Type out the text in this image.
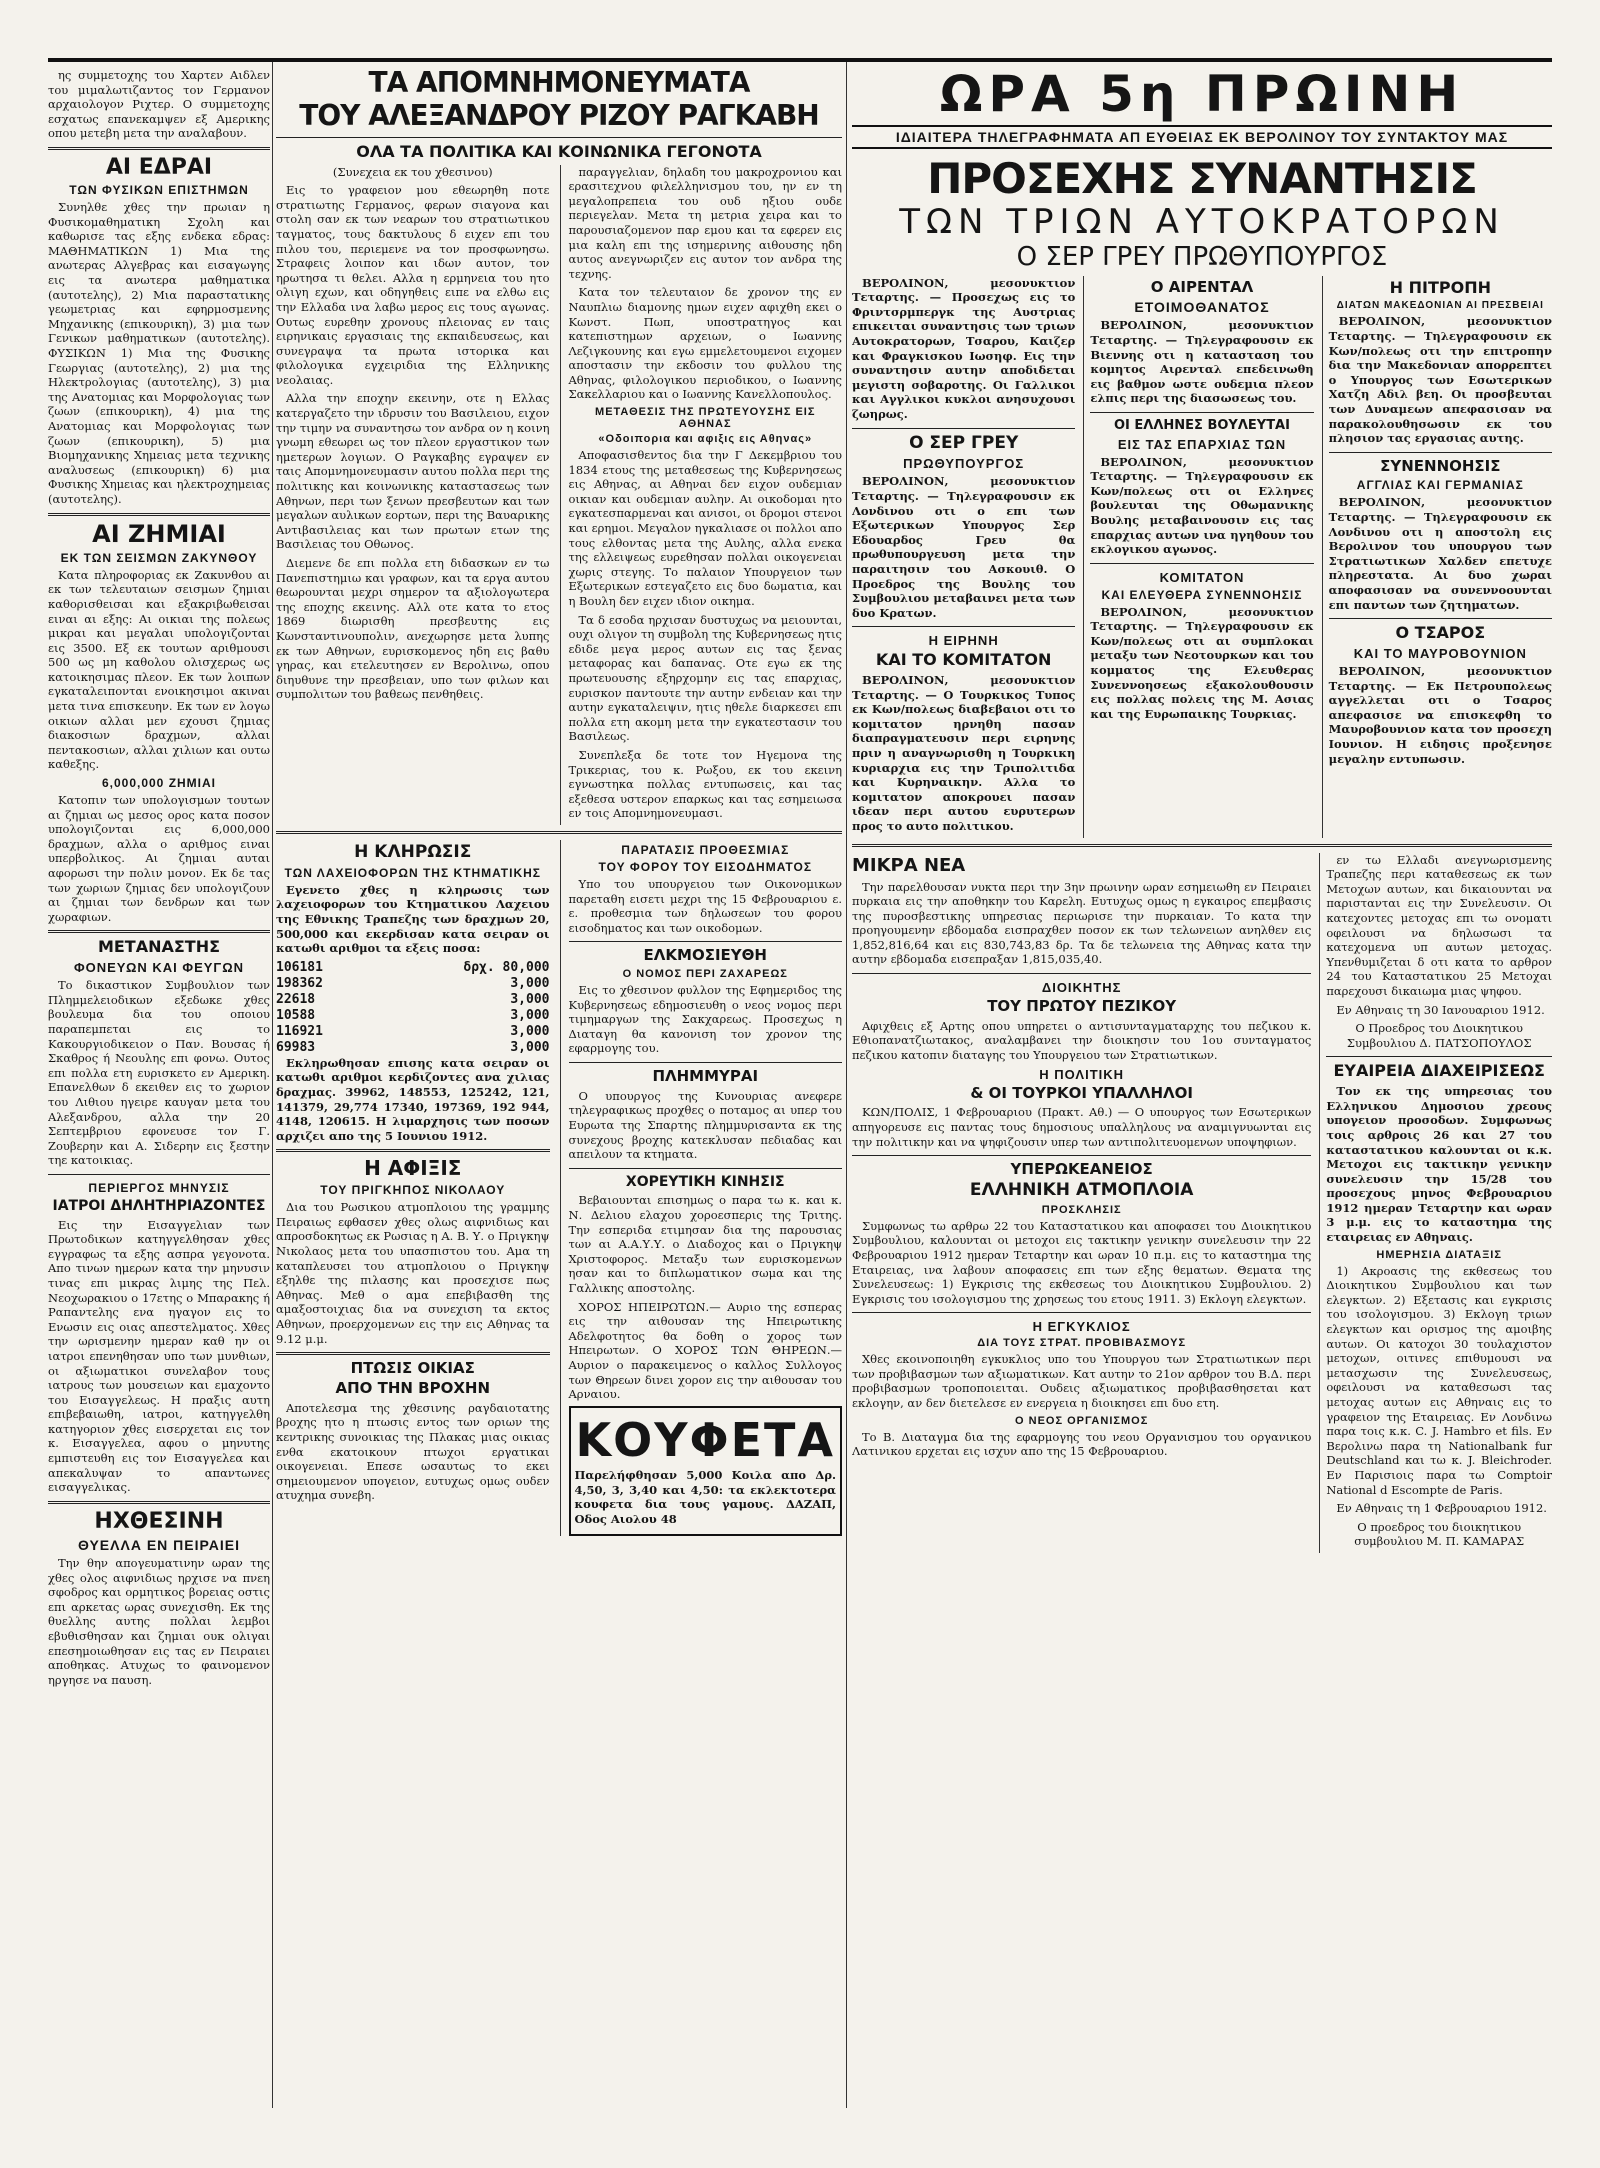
ης συμμετοχης του Χαρτεν Αιδλεν του μιμαλωτιζαντος τον Γερμανον αρχαιολογον Ριχτερ. Ο συμμετοχης εσχατως επανεκαμψεν εξ Αμερικης οπου μετεβη μετα την αναλαβουν.

ΑΙ ΕΔΡΑΙ
ΤΩΝ ΦΥΣΙΚΩΝ ΕΠΙΣΤΗΜΩΝ

Συνηλθε χθες την πρωιαν η Φυσικομαθηματικη Σχολη και καθωρισε τας εξης ενδεκα εδρας: ΜΑΘΗΜΑΤΙΚΩΝ 1) Μια της ανωτερας Αλγεβρας και εισαγωγης εις τα ανωτερα μαθηματικα (αυτοτελης), 2) Μια παραστατικης γεωμετριας και εφηρμοσμενης Μηχανικης (επικουρικη), 3) μια των Γενικων μαθηματικων (αυτοτελης). ΦΥΣΙΚΩΝ 1) Μια της Φυσικης Γεωργιας (αυτοτελης), 2) μια της Ηλεκτρολογιας (αυτοτελης), 3) μια της Ανατομιας και Μορφολογιας των ζωων (επικουρικη), 4) μια της Ανατομιας και Μορφολογιας των ζωων (επικουρικη), 5) μια Βιομηχανικης Χημειας μετα τεχνικης αναλυσεως (επικουρικη) 6) μια Φυσικης Χημειας και ηλεκτροχημειας (αυτοτελης).

ΑΙ ΖΗΜΙΑΙ
ΕΚ ΤΩΝ ΣΕΙΣΜΩΝ ΖΑΚΥΝΘΟΥ

Κατα πληροφοριας εκ Ζακυνθου αι εκ των τελευταιων σεισμων ζημιαι καθορισθεισαι και εξακριβωθεισαι ειναι αι εξης: Αι οικιαι της πολεως μικραι και μεγαλαι υπολογιζονται εις 3500. Εξ εκ τουτων αριθμουσι 500 ως μη καθολου ολισχερως ως κατοικησιμας πλεον. Εκ των λοιπων εγκαταλειπονται ενοικησιμοι ακιναι μετα τινα επισκευην. Εκ των εν λογω οικιων αλλαι μεν εχουσι ζημιας διακοσιων δραχμων, αλλαι πεντακοσιων, αλλαι χιλιων και ουτω καθεξης.

6,000,000 ΖΗΜΙΑΙ

Κατοπιν των υπολογισμων τουτων αι ζημιαι ως μεσος ορος κατα ποσον υπολογιζονται εις 6,000,000 δραχμων, αλλα ο αριθμος ειναι υπερβολικος. Αι ζημιαι αυται αφορωσι την πολιν μονον. Εκ δε τας των χωριων ζημιας δεν υπολογιζουν αι ζημιαι των δενδρων και των χωραφιων.

ΜΕΤΑΝΑΣΤΗΣ
ΦΟΝΕΥΩΝ ΚΑΙ ΦΕΥΓΩΝ

Το δικαστικον Συμβουλιον των Πλημμελειοδικων εξεδωκε χθες βουλευμα δια του οποιου παραπεμπεται εις το Κακουργιοδικειον ο Παν. Βουσας ή Σκαθρος ή Νεουλης επι φονω. Ουτος επι πολλα ετη ευρισκετο εν Αμερικη. Επανελθων δ εκειθεν εις το χωριον του Λιθιου ηγειρε καυγαν μετα του Αλεξανδρου, αλλα την 20 Σεπτεμβριου εφονευσε τον Γ. Ζουβερην και Α. Σιδερην εις ξεστην τηε κατοικιας.

ΠΕΡΙΕΡΓΟΣ ΜΗΝΥΣΙΣ
ΙΑΤΡΟΙ ΔΗΛΗΤΗΡΙΑΖΟΝΤΕΣ

Εις την Εισαγγελιαν των Πρωτοδικων κατηγγελθησαν χθες εγγραφως τα εξης ασπρα γεγονοτα. Απο τινων ημερων κατα την μηνυσιν τινας επι μικρας λιμης της Πελ. Νεοχωρακιου ο 17ετης ο Μπαρακης ή Ραπαντελης ενα ηγαγον εις το Ενωσιν εις οιας απεστελματος. Χθες την ωρισμενην ημεραν καθ ην οι ιατροι επενηθησαν υπο των μυνθιων, οι αξιωματικοι συνελαβον τους ιατρους των μουσειων και εμαχοντο του Εισαγγελεως. Η πραξις αυτη επιβεβαιωθη, ιατροι, κατηγγελθη κατηγοριον χθες εισερχεται εις τον κ. Εισαγγελεα, αφου ο μηνυτης εμπιστευθη εις τον Εισαγγελεα και απεκαλυψαν το απαντωνες εισαγγελικας.

ΗΧΘΕΣΙΝΗ
ΘΥΕΛΛΑ ΕΝ ΠΕΙΡΑΙΕΙ

Την θην απογευματινην ωραν της χθες ολος αιφνιδιως ηρχισε να πνεη σφοδρος και ορμητικος βορειας οστις επι αρκετας ωρας συνεχισθη. Εκ της θυελλης αυτης πολλαι λεμβοι εβυθισθησαν και ζημιαι ουκ ολιγαι επεσημοιωθησαν εις τας εν Πειραιει αποθηκας. Ατυχως το φαινομενον ηργησε να παυση.

ΤΑ ΑΠΟΜΝΗΜΟΝΕΥΜΑΤΑ
ΤΟΥ ΑΛΕΞΑΝΔΡΟΥ ΡΙΖΟΥ ΡΑΓΚΑΒΗ
ΟΛΑ ΤΑ ΠΟΛΙΤΙΚΑ ΚΑΙ ΚΟΙΝΩΝΙΚΑ ΓΕΓΟΝΟΤΑ

(Συνεχεια εκ του χθεσινου)

Εις το γραφειον μου εθεωρηθη ποτε στρατιωτης Γερμανος, φερων σιαγονα και στολη σαν εκ των νεαρων του στρατιωτικου ταγματος, τους δακτυλους δ ειχεν επι του πιλου του, περιεμενε να τον προσφωνησω. Στραφεις λοιπον και ιδων αυτον, τον ηρωτησα τι θελει. Αλλα η ερμηνεια του ητο ολιγη εχων, και οδηγηθεις ειπε να ελθω εις την Ελλαδα ινα λαβω μερος εις τους αγωνας. Ουτως ευρεθην χρονους πλειονας εν ταις ειρηνικαις εργασιαις της εκπαιδευσεως, και συνεγραψα τα πρωτα ιστορικα και φιλολογικα εγχειριδια της Ελληνικης νεολαιας.

Αλλα την εποχην εκεινην, οτε η Ελλας κατεργαζετο την ιδρυσιν του Βασιλειου, ειχον την τιμην να συναντησω τον ανδρα ον η κοινη γνωμη εθεωρει ως τον πλεον εργαστικον των ημετερων λογιων. Ο Ραγκαβης εγραψεν εν ταις Απομνημονευμασιν αυτου πολλα περι της πολιτικης και κοινωνικης καταστασεως των Αθηνων, περι των ξενων πρεσβευτων και των μεγαλων αυλικων εορτων, περι της Βαυαρικης Αντιβασιλειας και των πρωτων ετων της Βασιλειας του Οθωνος.

Διεμενε δε επι πολλα ετη διδασκων εν τω Πανεπιστημιω και γραφων, και τα εργα αυτου θεωρουνται μεχρι σημερον τα αξιολογωτερα της εποχης εκεινης. Αλλ οτε κατα το ετος 1869 διωρισθη πρεσβευτης εις Κωνσταντινουπολιν, ανεχωρησε μετα λυπης εκ των Αθηνων, ευρισκομενος ηδη εις βαθυ γηρας, και ετελευτησεν εν Βερολινω, οπου διηυθυνε την πρεσβειαν, υπο των φιλων και συμπολιτων του βαθεως πενθηθεις.

παραγγελιαν, δηλαδη του μακροχρονιου και ερασιτεχνου φιλελληνισμου του, ην εν τη μεγαλοπρεπεια του ουδ ηξιου ουδε περιεγελαν. Μετα τη μετρια χειρα και το παρουσιαζομενον παρ εμου και τα εφερεν εις μια καλη επι της ισημερινης αιθουσης ηδη αυτος ανεγνωριζεν εις αυτον τον ανδρα της τεχνης.

Κατα τον τελευταιον δε χρονον της εν Ναυπλιω διαμονης ημων ειχεν αφιχθη εκει ο Κωνστ. Πωπ, υποστρατηγος και κατεπιστημων αρχειων, ο Ιωαννης Λεζιγκουνης και εγω εμμελετουμενοι ειχομεν αποστασιν την εκδοσιν του φυλλου της Αθηνας, φιλολογικου περιοδικου, ο Ιωαννης Σακελλαριου και ο Ιωαννης Κανελλοπουλος.

ΜΕΤΑΘΕΣΙΣ ΤΗΣ ΠΡΩΤΕΥΟΥΣΗΣ ΕΙΣ ΑΘΗΝΑΣ
«Οδοιπορια και αφιξις εις Αθηνας»

Αποφασισθεντος δια την Γ Δεκεμβριου του 1834 ετους της μεταθεσεως της Κυβερνησεως εις Αθηνας, αι Αθηναι δεν ειχον ουδεμιαν οικιαν και ουδεμιαν αυλην. Αι οικοδομαι ητο εγκατεσπαρμεναι και ανισοι, οι δρομοι στενοι και ερημοι. Μεγαλον ηγκαλιασε οι πολλοι απο τους ελθοντας μετα της Αυλης, αλλα ενεκα της ελλειψεως ευρεθησαν πολλαι οικογενειαι χωρις στεγης. Το παλαιον Υπουργειον των Εξωτερικων εστεγαζετο εις δυο δωματια, και η Βουλη δεν ειχεν ιδιον οικημα.

Τα δ εσοδα ηρχισαν δυστυχως να μειουνται, ουχι ολιγον τη συμβολη της Κυβερνησεως ητις εδιδε μεγα μερος αυτων εις τας ξενας μεταφορας και δαπανας. Οτε εγω εκ της πρωτευουσης εξηρχομην εις τας επαρχιας, ευρισκον παντουτε την αυτην ενδειαν και την αυτην εγκαταλειψιν, ητις ηθελε διαρκεσει επι πολλα ετη ακομη μετα την εγκατεστασιν του Βασιλεως.

Συνεπλεξα δε τοτε τον Ηγεμονα της Τρικεριας, του κ. Ρωξου, εκ του εκεινη εγνωστηκα πολλας εντυπωσεις, και τας εξεθεσα υστερον επαρκως και τας εσημειωσα εν τοις Απομνημονευμασι.

Η ΚΛΗΡΩΣΙΣ
ΤΩΝ ΛΑΧΕΙΟΦΟΡΩΝ ΤΗΣ ΚΤΗΜΑΤΙΚΗΣ

Εγενετο χθες η κληρωσις των λαχειοφορων του Κτηματικου Λαχειου της Εθνικης Τραπεζης των δραχμων 20, 500,000 και εκερδισαν κατα σειραν οι κατωθι αριθμοι τα εξεις ποσα:

106181	δρχ. 80,000
198362	3,000
22618	3,000
10588	3,000
116921	3,000
69983	3,000

Εκληρωθησαν επισης κατα σειραν οι κατωθι αριθμοι κερδιζοντες ανα χιλιας δραχμας. 39962, 148553, 125242, 121, 141379, 29,774 17340, 197369, 192 944, 4148, 120615. Η λιμαρχησις των ποσων αρχιζει απο της 5 Ιουνιου 1912.

Η ΑΦΙΞΙΣ
ΤΟΥ ΠΡΙΓΚΗΠΟΣ ΝΙΚΟΛΑΟΥ

Δια του Ρωσικου ατμοπλοιου της γραμμης Πειραιως εφθασεν χθες ολως αιφνιδιως και απροσδοκητως εκ Ρωσιας η Α. Β. Υ. ο Πριγκηψ Νικολαος μετα του υπασπιστου του. Αμα τη καταπλευσει του ατμοπλοιου ο Πριγκηψ εξηλθε της πιλασης και προσεχισε πως Αθηνας. Μεθ ο αμα επεβιβασθη της αμαξοστοιχιας δια να συνεχιση τα εκτος Αθηνων, προερχομενων εις την εις Αθηνας τα 9.12 μ.μ.

ΠΤΩΣΙΣ ΟΙΚΙΑΣ
ΑΠΟ ΤΗΝ ΒΡΟΧΗΝ

Αποτελεσμα της χθεσινης ραγδαιοτατης βροχης ητο η πτωσις εντος των οριων της κεντρικης συνοικιας της Πλακας μιας οικιας ενθα εκατοικουν πτωχοι εργατικαι οικογενειαι. Επεσε ωσαυτως το εκει σημειουμενον υπογειον, ευτυχως ομως ουδεν ατυχημα συνεβη.

ΠΑΡΑΤΑΣΙΣ ΠΡΟΘΕΣΜΙΑΣ
ΤΟΥ ΦΟΡΟΥ ΤΟΥ ΕΙΣΟΔΗΜΑΤΟΣ

Υπο του υπουργειου των Οικονομικων παρεταθη εισετι μεχρι της 15 Φεβρουαριου ε. ε. προθεσμια των δηλωσεων του φορου εισοδηματος και των οικοδομων.

ΕΛΚΜΟΣΙΕΥΘΗ
Ο ΝΟΜΟΣ ΠΕΡΙ ΖΑΧΑΡΕΩΣ

Εις το χθεσινον φυλλον της Εφημεριδος της Κυβερνησεως εδημοσιευθη ο νεος νομος περι τιμημαργων της Σακχαρεως. Προσεχως η Διαταγη θα κανονιση τον χρονον της εφαρμογης του.

ΠΛΗΜΜΥΡΑΙ

Ο υπουργος της Κυνουριας ανεφερε τηλεγραφικως προχθες ο ποταμος αι υπερ του Ευρωτα της Σπαρτης πλημμυρισαντα εκ της συνεχους βροχης κατεκλυσαν πεδιαδας και απειλουν τα κτηματα.

ΧΟΡΕΥΤΙΚΗ ΚΙΝΗΣΙΣ

Βεβαιουνται επισημως ο παρα τω κ. και κ. Ν. Δελιου ελαχου χοροεσπερις της Τριτης. Την εσπεριδα ετιμησαν δια της παρουσιας των αι Α.Α.Υ.Υ. ο Διαδοχος και ο Πριγκηψ Χριστοφορος. Μεταξυ των ευρισκομενων ησαν και το διπλωματικον σωμα και της Γαλλικης αποστολης.

ΧΟΡΟΣ ΗΠΕΙΡΩΤΩΝ.— Αυριο της εσπερας εις την αιθουσαν της Ηπειρωτικης Αδελφοτητος θα δοθη ο χορος των Ηπειρωτων. Ο ΧΟΡΟΣ ΤΩΝ ΘΗΡΕΩΝ.— Αυριον ο παρακειμενος ο καλλος Συλλογος των Θηρεων δινει χορον εις την αιθουσαν του Αρναιου.

ΚΟΥΦΕΤΑ

Παρελήφθησαν 5,000 Κοιλα απο Δρ. 4,50, 3, 3,40 και 4,50: τα εκλεκτοτερα κουφετα δια τους γαμους. ΔΑΖΑΠ, Οδος Αιολου 48

ΩΡΑ 5η ΠΡΩΙΝΗ
ΙΔΙΑΙΤΕΡΑ ΤΗΛΕΓΡΑΦΗΜΑΤΑ ΑΠ ΕΥΘΕΙΑΣ ΕΚ ΒΕΡΟΛΙΝΟΥ ΤΟΥ ΣΥΝΤΑΚΤΟΥ ΜΑΣ
ΠΡΟΣΕΧΗΣ ΣΥΝΑΝΤΗΣΙΣ
ΤΩΝ ΤΡΙΩΝ ΑΥΤΟΚΡΑΤΟΡΩΝ
Ο ΣΕΡ ΓΡΕΥ ΠΡΩΘΥΠΟΥΡΓΟΣ

ΒΕΡΟΛΙΝΟΝ, μεσονυκτιον Τεταρτης. — Προσεχως εις το Φριντσρμπεργκ της Αυστριας επικειται συναντησις των τριων Αυτοκρατορων, Τσαρου, Καιζερ και Φραγκισκου Ιωσηφ. Εις την συναντησιν αυτην αποδιδεται μεγιστη σοβαροτης. Οι Γαλλικοι και Αγγλικοι κυκλοι ανησυχουσι ζωηρως.

Ο ΣΕΡ ΓΡΕΥ
ΠΡΩΘΥΠΟΥΡΓΟΣ

ΒΕΡΟΛΙΝΟΝ, μεσονυκτιον Τεταρτης. — Τηλεγραφουσιν εκ Λονδινου οτι ο επι των Εξωτερικων Υπουργος Σερ Εδουαρδος Γρευ θα πρωθυπουργευση μετα την παραιτησιν του Ασκουιθ. Ο Προεδρος της Βουλης του Συμβουλιου μεταβαινει μετα των δυο Κρατων.

Η ΕΙΡΗΝΗ
ΚΑΙ ΤΟ ΚΟΜΙΤΑΤΟΝ

ΒΕΡΟΛΙΝΟΝ, μεσονυκτιον Τεταρτης. — Ο Τουρκικος Τυπος εκ Κων/πολεως διαβεβαιοι οτι το κομιτατον ηρνηθη πασαν διαπραγματευσιν περι ειρηνης πριν η αναγνωρισθη η Τουρκικη κυριαρχια εις την Τριπολιτιδα και Κυρηναικην. Αλλα το κομιτατον αποκρουει πασαν ιδεαν περι αυτου ευρυτερων προς το αυτο πολιτικου.

Ο ΑΙΡΕΝΤΑΛ
ΕΤΟΙΜΟΘΑΝΑΤΟΣ

ΒΕΡΟΛΙΝΟΝ, μεσονυκτιον Τεταρτης. — Τηλεγραφουσιν εκ Βιεννης οτι η κατασταση του κομητος Αιρενταλ επεδεινωθη εις βαθμον ωστε ουδεμια πλεον ελπις περι της διασωσεως του.

ΟΙ ΕΛΛΗΝΕΣ ΒΟΥΛΕΥΤΑΙ
ΕΙΣ ΤΑΣ ΕΠΑΡΧΙΑΣ ΤΩΝ

ΒΕΡΟΛΙΝΟΝ, μεσονυκτιον Τεταρτης. — Τηλεγραφουσιν εκ Κων/πολεως οτι οι Ελληνες βουλευται της Οθωμανικης Βουλης μεταβαινουσιν εις τας επαρχιας αυτων ινα ηγηθουν του εκλογικου αγωνος.

ΚΟΜΙΤΑΤΟΝ
ΚΑΙ ΕΛΕΥΘΕΡΑ ΣΥΝΕΝΝΟΗΣΙΣ

ΒΕΡΟΛΙΝΟΝ, μεσονυκτιον Τεταρτης. — Τηλεγραφουσιν εκ Κων/πολεως οτι αι συμπλοκαι μεταξυ των Νεοτουρκων και του κομματος της Ελευθερας Συνεννοησεως εξακολουθουσιν εις πολλας πολεις της Μ. Ασιας και της Ευρωπαικης Τουρκιας.

Η ΠΙΤΡΟΠΗ
ΔΙΑΤΩΝ ΜΑΚΕΔΟΝΙΑΝ ΑΙ ΠΡΕΣΒΕΙΑΙ

ΒΕΡΟΛΙΝΟΝ, μεσονυκτιον Τεταρτης. — Τηλεγραφουσιν εκ Κων/πολεως οτι την επιτροπην δια την Μακεδονιαν απορρεπτει ο Υπουργος των Εσωτερικων Χατζη Αδιλ βεη. Οι προσβευται των Δυναμεων απεφασισαν να παρακολουθησωσιν εκ του πλησιον τας εργασιας αυτης.

ΣΥΝΕΝΝΟΗΣΙΣ
ΑΓΓΛΙΑΣ ΚΑΙ ΓΕΡΜΑΝΙΑΣ

ΒΕΡΟΛΙΝΟΝ, μεσονυκτιον Τεταρτης. — Τηλεγραφουσιν εκ Λονδινου οτι η αποστολη εις Βερολινον του υπουργου των Στρατιωτικων Χαλδεν επετυχε πληρεστατα. Αι δυο χωραι αποφασισαν να συνεννοουνται επι παντων των ζητηματων.

Ο ΤΣΑΡΟΣ
ΚΑΙ ΤΟ ΜΑΥΡΟΒΟΥΝΙΟΝ

ΒΕΡΟΛΙΝΟΝ, μεσονυκτιον Τεταρτης. — Εκ Πετρουπολεως αγγελλεται οτι ο Τσαρος απεφασισε να επισκεφθη το Μαυροβουνιον κατα τον προσεχη Ιουνιον. Η ειδησις προξενησε μεγαλην εντυπωσιν.

ΜΙΚΡΑ ΝΕΑ

Την παρελθουσαν νυκτα περι την 3ην πρωινην ωραν εσημειωθη εν Πειραιει πυρκαια εις την αποθηκην του Καρελη. Ευτυχως ομως η εγκαιρος επεμβασις της πυροσβεστικης υπηρεσιας περιωρισε την πυρκαιαν. Το κατα την προηγουμενην εβδομαδα εισπραχθεν ποσον εκ των τελωνειων ανηλθεν εις 1,852,816,64 και εις 830,743,83 δρ. Τα δε τελωνεια της Αθηνας κατα την αυτην εβδομαδα εισεπραξαν 1,815,035,40.

ΔΙΟΙΚΗΤΗΣ
ΤΟΥ ΠΡΩΤΟΥ ΠΕΖΙΚΟΥ

Αφιχθεις εξ Αρτης οπου υπηρετει ο αντισυνταγματαρχης του πεζικου κ. Εθιοπανατζιωτακος, αναλαμβανει την διοικησιν του 1ου συνταγματος πεζικου κατοπιν διαταγης του Υπουργειου των Στρατιωτικων.

Η ΠΟΛΙΤΙΚΗ
& ΟΙ ΤΟΥΡΚΟΙ ΥΠΑΛΛΗΛΟΙ

ΚΩΝ/ΠΟΛΙΣ, 1 Φεβρουαριου (Πρακτ. Αθ.) — Ο υπουργος των Εσωτερικων απηγορευσε εις παντας τους δημοσιους υπαλληλους να αναμιγνυωνται εις την πολιτικην και να ψηφιζουσιν υπερ των αντιπολιτευομενων υποψηφιων.

ΥΠΕΡΩΚΕΑΝΕΙΟΣ
ΕΛΛΗΝΙΚΗ ΑΤΜΟΠΛΟΙΑ
ΠΡΟΣΚΛΗΣΙΣ

Συμφωνως τω αρθρω 22 του Καταστατικου και αποφασει του Διοικητικου Συμβουλιου, καλουνται οι μετοχοι εις τακτικην γενικην συνελευσιν την 22 Φεβρουαριου 1912 ημεραν Τεταρτην και ωραν 10 π.μ. εις το καταστημα της Εταιρειας, ινα λαβουν αποφασεις επι των εξης θεματων. Θεματα της Συνελευσεως: 1) Εγκρισις της εκθεσεως του Διοικητικου Συμβουλιου. 2) Εγκρισις του ισολογισμου της χρησεως του ετους 1911. 3) Εκλογη ελεγκτων.

Η ΕΓΚΥΚΛΙΟΣ
ΔΙΑ ΤΟΥΣ ΣΤΡΑΤ. ΠΡΟΒΙΒΑΣΜΟΥΣ

Χθες εκοινοποιηθη εγκυκλιος υπο του Υπουργου των Στρατιωτικων περι των προβιβασμων των αξιωματικων. Κατ αυτην το 21ον αρθρον του Β.Δ. περι προβιβασμων τροποποιειται. Ουδεις αξιωματικος προβιβασθησεται κατ εκλογην, αν δεν διετελεσε εν ενεργεια η διοικησει επι δυο ετη.

Ο ΝΕΟΣ ΟΡΓΑΝΙΣΜΟΣ

Το Β. Διαταγμα δια της εφαρμογης του νεου Οργανισμου του οργανικου Λατινικου ερχεται εις ισχυν απο της 15 Φεβρουαριου.

εν τω Ελλαδι ανεγνωρισμενης Τραπεζης περι καταθεσεως εκ των Μετοχων αυτων, και δικαιουνται να παριστανται εις την Συνελευσιν. Οι κατεχοντες μετοχας επι τω ονοματι οφειλουσι να δηλωσωσι τα κατεχομενα υπ αυτων μετοχας. Υπενθυμιζεται δ οτι κατα το αρθρον 24 του Καταστατικου 25 Μετοχαι παρεχουσι δικαιωμα μιας ψηφου.

Εν Αθηναις τη 30 Ιανουαριου 1912.

Ο Προεδρος του Διοικητικου Συμβουλιου Δ. ΠΑΤΣΟΠΟΥΛΟΣ

ΕΥΑΙΡΕΙΑ ΔΙΑΧΕΙΡΙΣΕΩΣ

Τον εκ της υπηρεσιας του Ελληνικου Δημοσιου χρεους υπογειον προσοδων. Συμφωνως τοις αρθροις 26 και 27 του καταστατικου καλουνται οι κ.κ. Μετοχοι εις τακτικην γενικην συνελευσιν την 15/28 του προσεχους μηνος Φεβρουαριου 1912 ημεραν Τεταρτην και ωραν 3 μ.μ. εις το καταστημα της εταιρειας εν Αθηναις.

ΗΜΕΡΗΣΙΑ ΔΙΑΤΑΞΙΣ

1) Ακροασις της εκθεσεως του Διοικητικου Συμβουλιου και των ελεγκτων. 2) Εξετασις και εγκρισις του ισολογισμου. 3) Εκλογη τριων ελεγκτων και ορισμος της αμοιβης αυτων. Οι κατοχοι 30 τουλαχιστον μετοχων, οιτινες επιθυμουσι να μετασχωσιν της Συνελευσεως, οφειλουσι να καταθεσωσι τας μετοχας αυτων εις Αθηναις εις το γραφειον της Εταιρειας. Εν Λονδινω παρα τοις κ.κ. C. J. Hambro et fils. Εν Βερολινω παρα τη Nationalbank fur Deutschland και τω κ. J. Bleichroder. Εν Παρισιοις παρα τω Comptoir National d Escompte de Paris.

Εν Αθηναις τη 1 Φεβρουαριου 1912.

Ο προεδρος του διοικητικου συμβουλιου Μ. Π. ΚΑΜΑΡΑΣ
